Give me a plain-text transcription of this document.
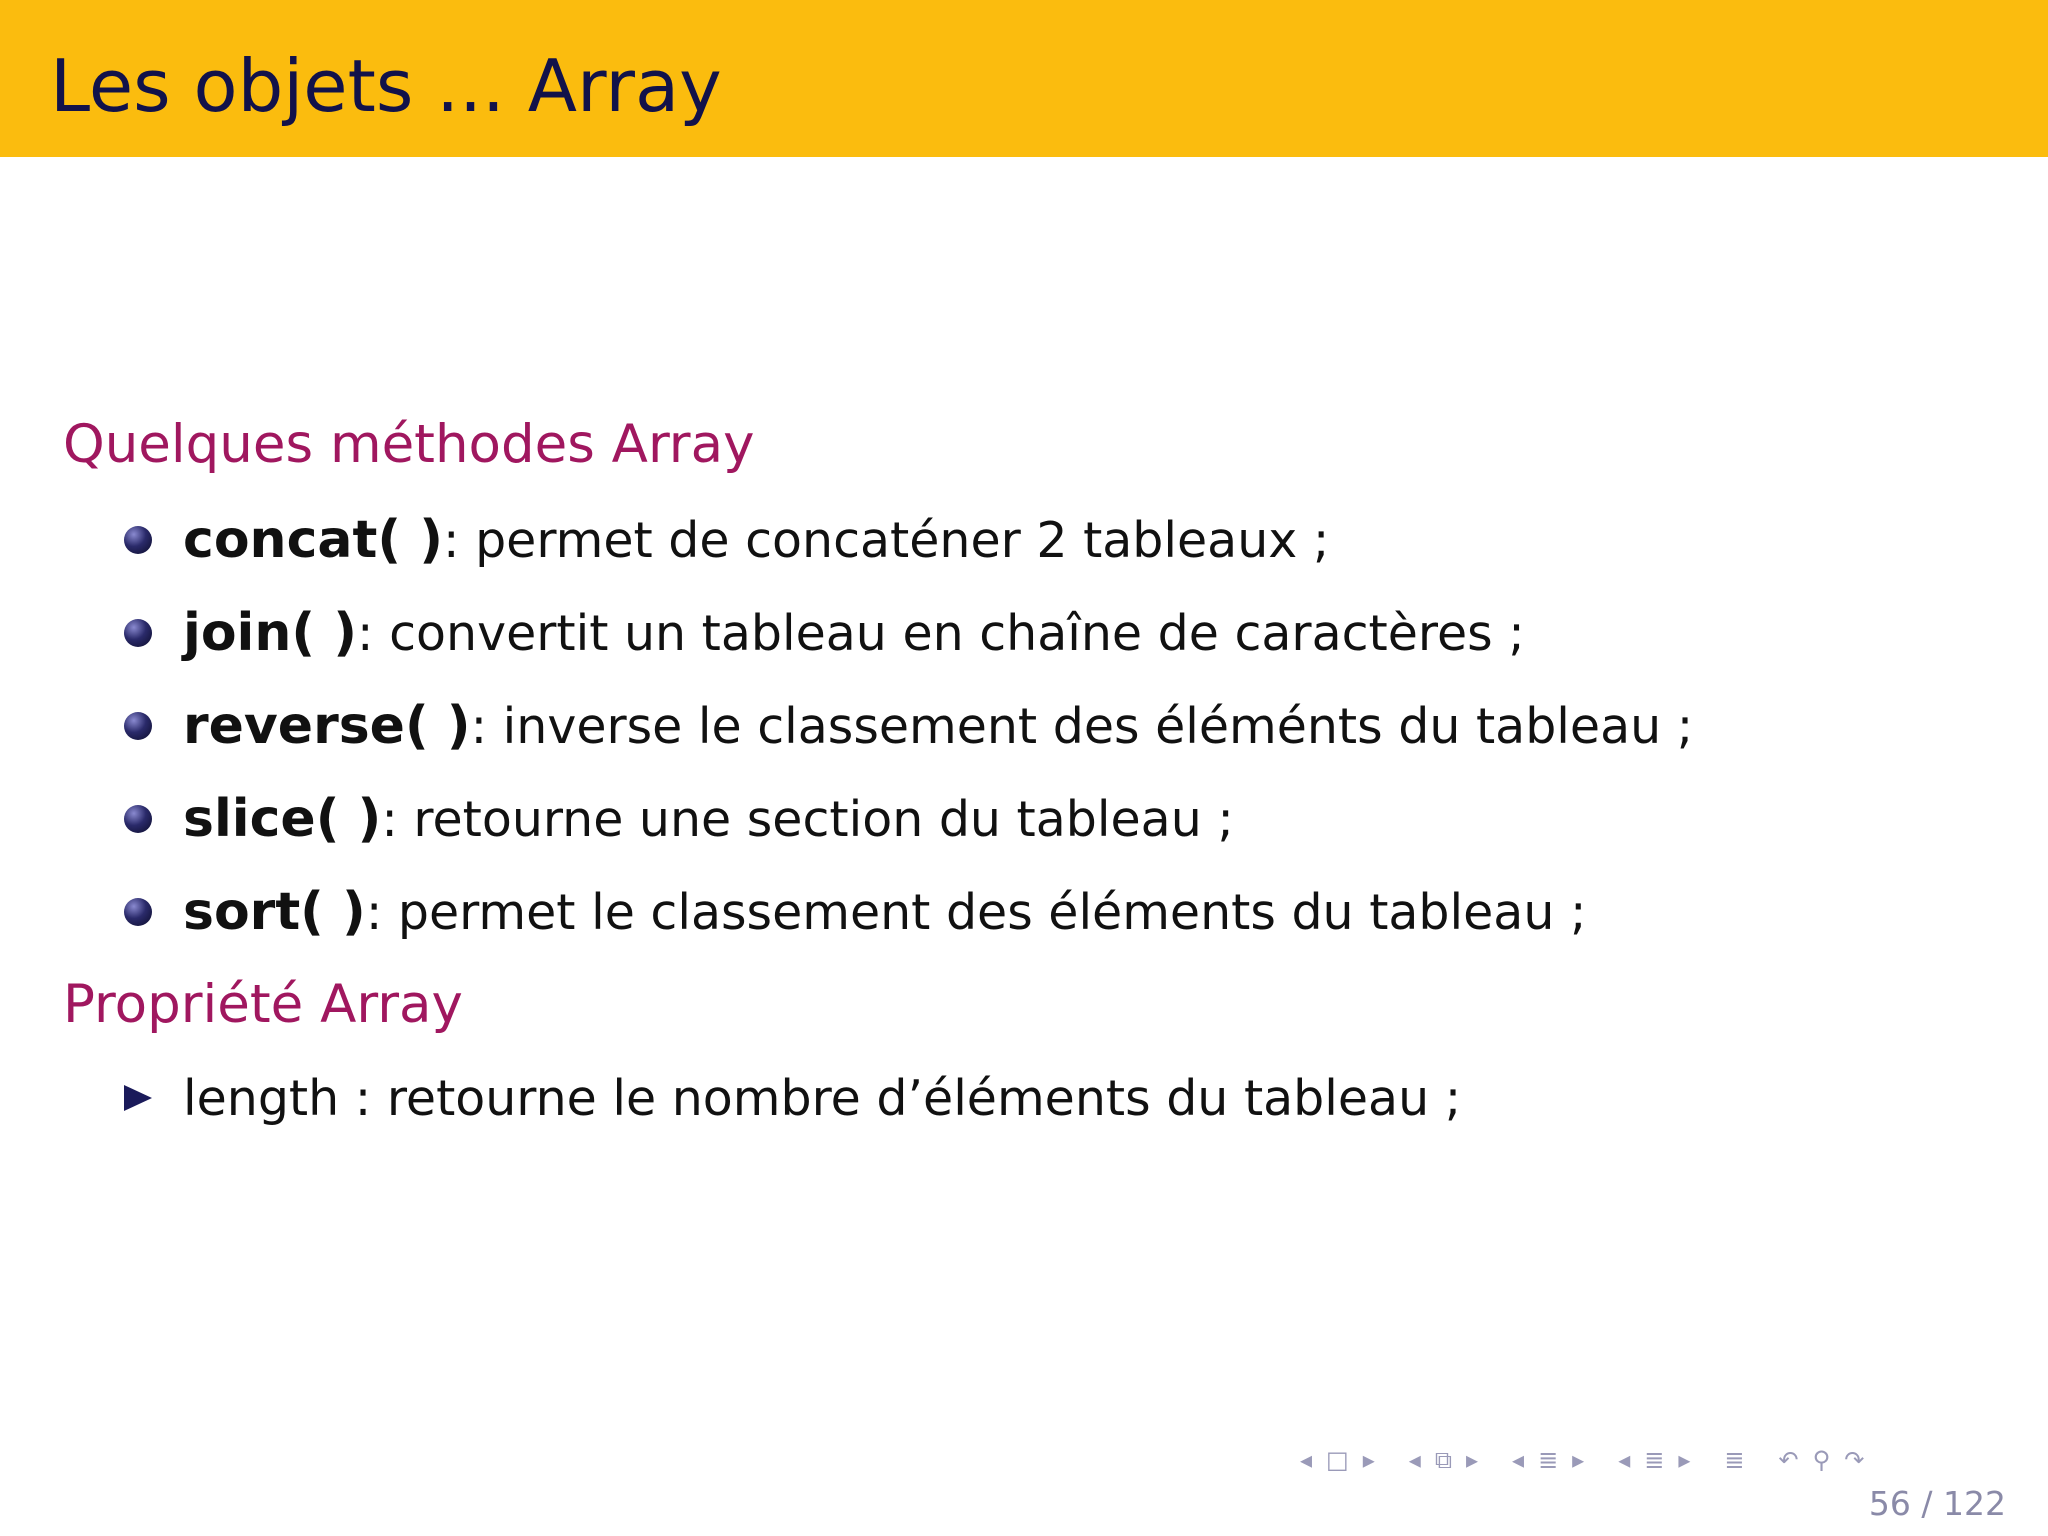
Les objets ... Array
Quelques méthodes Array
concat( ) : permet de concaténer 2 tableaux ;
join( ) : convertit un tableau en chaîne de caractères ;
reverse( ) : inverse le classement des éléménts du tableau ;
slice( ) : retourne une section du tableau ;
sort( ) : permet le classement des éléments du tableau ;
Propriété Array
length : retourne le nombre d’éléments du tableau ;
◂ □ ▸ ◂ ⧉ ▸ ◂ ≣ ▸ ◂ ≣ ▸ ≣ ↶ ⚲ ↷
56 / 122
